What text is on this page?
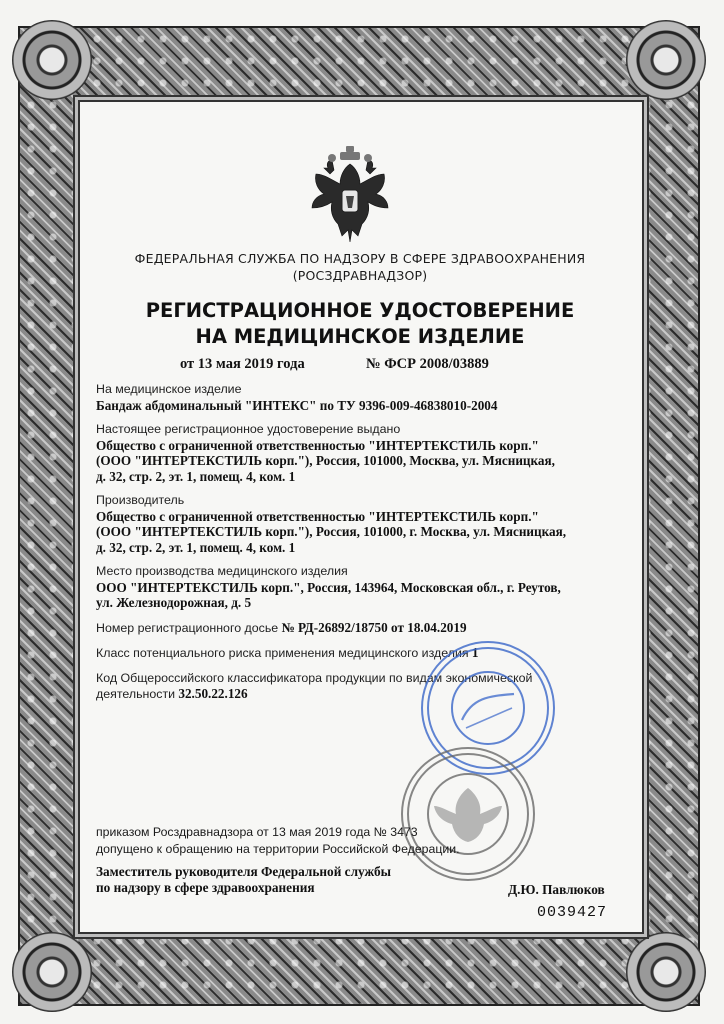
ФЕДЕРАЛЬНАЯ СЛУЖБА ПО НАДЗОРУ В СФЕРЕ ЗДРАВООХРАНЕНИЯ
(РОСЗДРАВНАДЗОР)
РЕГИСТРАЦИОННОЕ УДОСТОВЕРЕНИЕ
НА МЕДИЦИНСКОЕ ИЗДЕЛИЕ
от 13 мая 2019 года	№ ФСР 2008/03889
На медицинское изделие
Бандаж абдоминальный "ИНТЕКС" по ТУ 9396-009-46838010-2004
Настоящее регистрационное удостоверение выдано
Общество с ограниченной ответственностью "ИНТЕРТЕКСТИЛЬ корп."
(ООО "ИНТЕРТЕКСТИЛЬ корп."), Россия, 101000, Москва, ул. Мясницкая,
д. 32, стр. 2, эт. 1, помещ. 4, ком. 1
Производитель
Общество с ограниченной ответственностью "ИНТЕРТЕКСТИЛЬ корп."
(ООО "ИНТЕРТЕКСТИЛЬ корп."), Россия, 101000, г. Москва, ул. Мясницкая,
д. 32, стр. 2, эт. 1, помещ. 4, ком. 1
Место производства медицинского изделия
ООО "ИНТЕРТЕКСТИЛЬ корп.", Россия, 143964, Московская обл., г. Реутов,
ул. Железнодорожная, д. 5
Номер регистрационного досье № РД-26892/18750 от 18.04.2019
Класс потенциального риска применения медицинского изделия 1
Код Общероссийского классификатора продукции по видам экономической
деятельности 32.50.22.126
приказом Росздравнадзора от 13 мая 2019 года № 3473
допущено к обращению на территории Российской Федерации.
Заместитель руководителя Федеральной службы
по надзору в сфере здравоохранения	Д.Ю. Павлюков
0039427
